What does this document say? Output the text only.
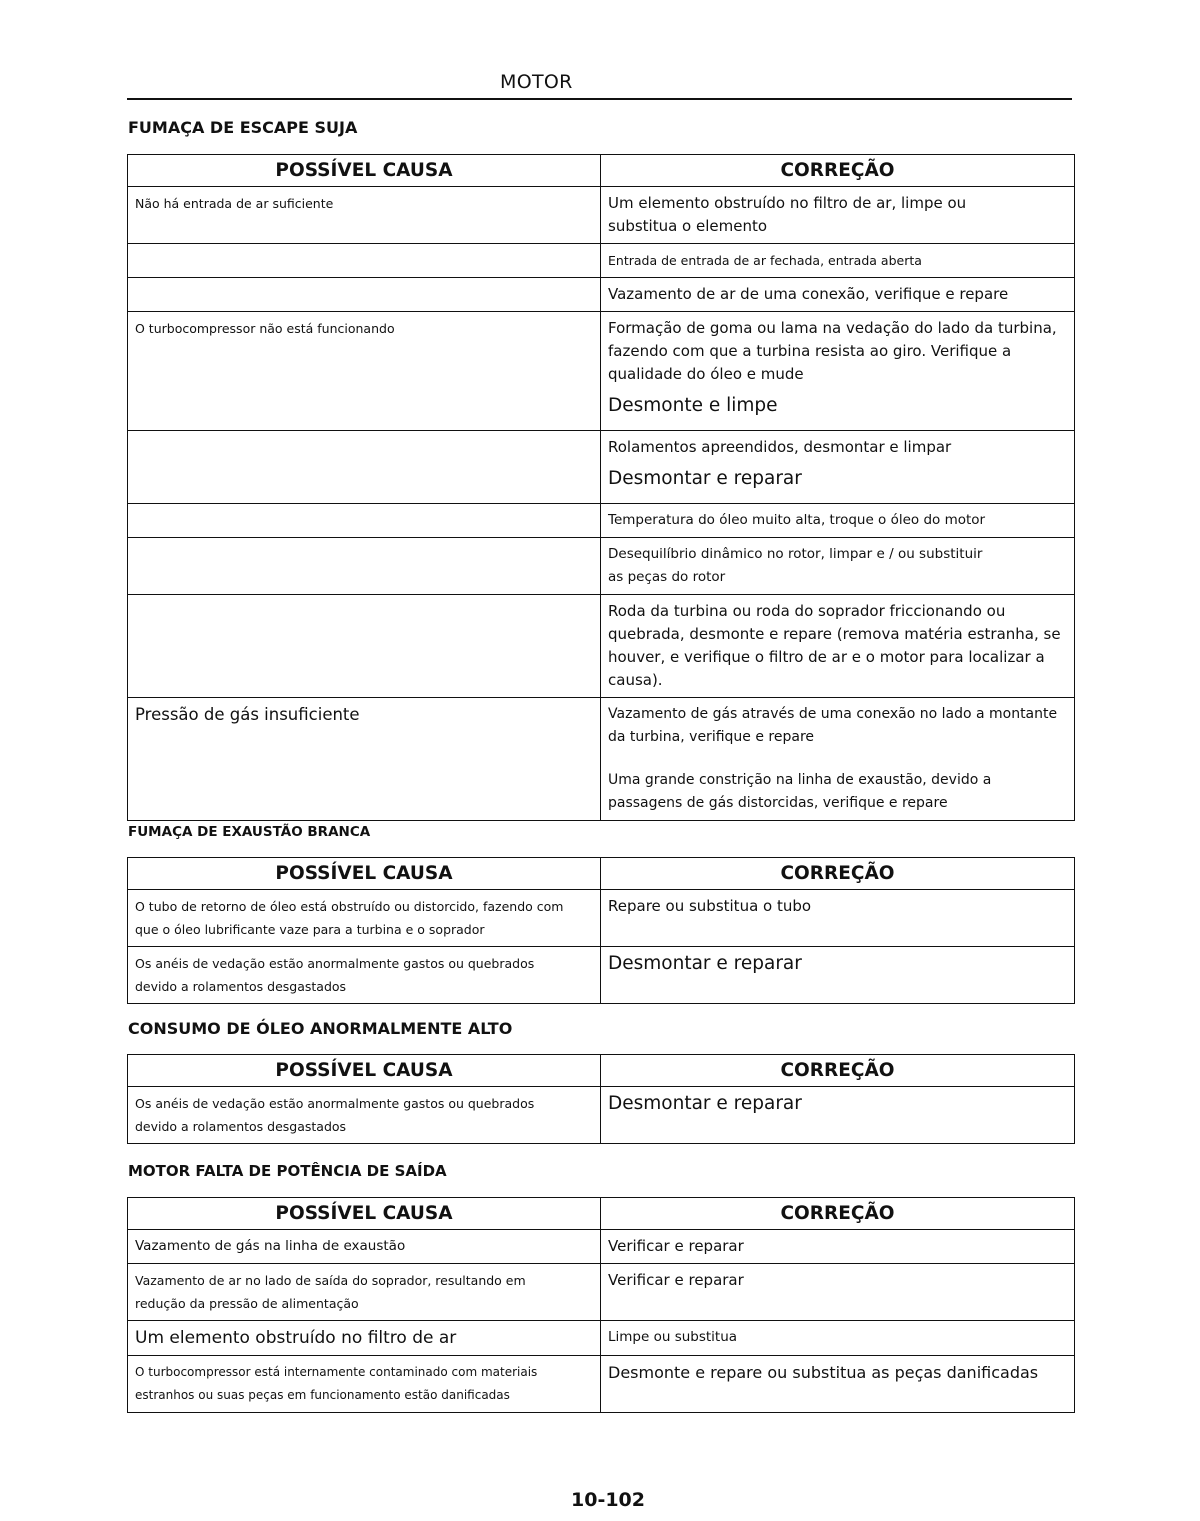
MOTOR
FUMAÇA DE ESCAPE SUJA
POSSÍVEL CAUSA	CORREÇÃO
Não há entrada de ar suficiente	Um elemento obstruído no filtro de ar, limpe ou
substitua o elemento
	Entrada de entrada de ar fechada, entrada aberta
	Vazamento de ar de uma conexão, verifique e repare
O turbocompressor não está funcionando	Formação de goma ou lama na vedação do lado da turbina,
fazendo com que a turbina resista ao giro. Verifique a
qualidade do óleo e mude
Desmonte e limpe

	Rolamentos apreendidos, desmontar e limpar
Desmontar e reparar

	Temperatura do óleo muito alta, troque o óleo do motor
	Desequilíbrio dinâmico no rotor, limpar e / ou substituir
as peças do rotor
	Roda da turbina ou roda do soprador friccionando ou
quebrada, desmonte e repare (remova matéria estranha, se
houver, e verifique o filtro de ar e o motor para localizar a
causa).
Pressão de gás insuficiente	Vazamento de gás através de uma conexão no lado a montante
da turbina, verifique e repare
Uma grande constrição na linha de exaustão, devido a
passagens de gás distorcidas, verifique e repare
FUMAÇA DE EXAUSTÃO BRANCA
POSSÍVEL CAUSA	CORREÇÃO
O tubo de retorno de óleo está obstruído ou distorcido, fazendo com
que o óleo lubrificante vaze para a turbina e o soprador	Repare ou substitua o tubo
Os anéis de vedação estão anormalmente gastos ou quebrados
devido a rolamentos desgastados	Desmontar e reparar
CONSUMO DE ÓLEO ANORMALMENTE ALTO
POSSÍVEL CAUSA	CORREÇÃO
Os anéis de vedação estão anormalmente gastos ou quebrados
devido a rolamentos desgastados	Desmontar e reparar
MOTOR FALTA DE POTÊNCIA DE SAÍDA
POSSÍVEL CAUSA	CORREÇÃO
Vazamento de gás na linha de exaustão	Verificar e reparar
Vazamento de ar no lado de saída do soprador, resultando em
redução da pressão de alimentação	Verificar e reparar
Um elemento obstruído no filtro de ar	Limpe ou substitua
O turbocompressor está internamente contaminado com materiais
estranhos ou suas peças em funcionamento estão danificadas	Desmonte e repare ou substitua as peças danificadas
10-102
